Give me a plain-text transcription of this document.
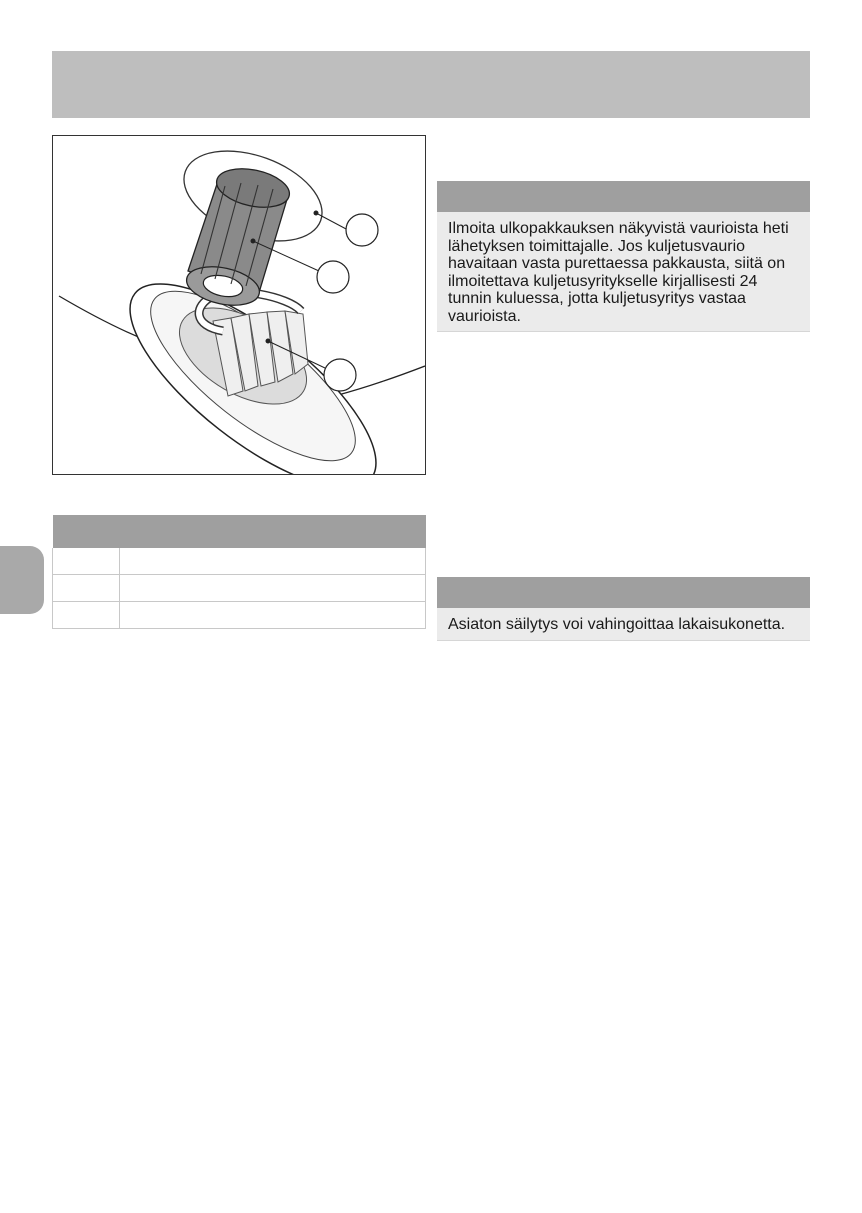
Ilmoita ulkopakkauksen näkyvistä vaurioista heti lähetyksen toimittajalle. Jos kuljetusvaurio havaitaan vasta purettaessa pakkausta, siitä on ilmoitettava kuljetusyritykselle kirjallisesti 24 tunnin kuluessa, jotta kuljetusyritys vastaa vaurioista.
Asiaton säilytys voi vahingoittaa lakaisukonetta.
